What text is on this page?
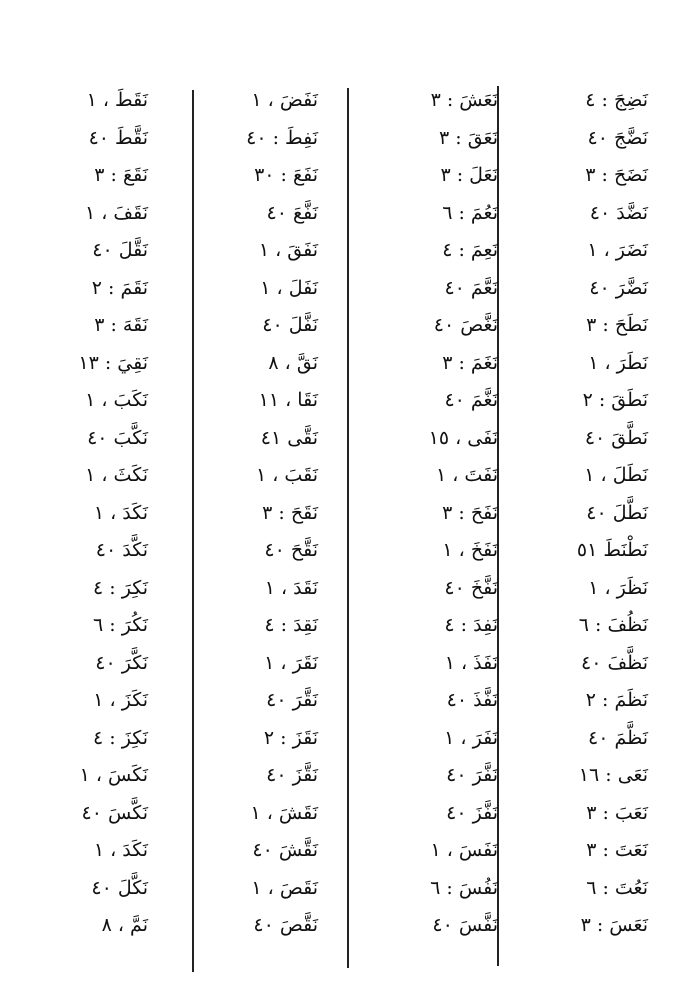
نَضِجَ : ٤
نَضَّجَ ٤٠
نَضَحَ : ٣
نَضَّدَ ٤٠
نَضَرَ ، ١
نَضَّرَ ٤٠
نَطَحَ : ٣
نَطَرَ ، ١
نَطَقَ : ٢
نَطَّقَ ٤٠
نَطَلَ ، ١
نَطَّلَ ٤٠
نَطْنَطَ ٥١
نَظَرَ ، ١
نَظُفَ : ٦
نَظَّفَ ٤٠
نَظَمَ : ٢
نَظَّمَ ٤٠
نَعَى : ١٦
نَعَبَ : ٣
نَعَتَ : ٣
نَعُتَ : ٦
نَعَسَ : ٣
نَعَشَ : ٣
نَعَقَ : ٣
نَعَلَ : ٣
نَعُمَ : ٦
نَعِمَ : ٤
نَعَّمَ ٤٠
نَغَّصَ ٤٠
نَغَمَ : ٣
نَغَّمَ ٤٠
نَفَى ، ١٥
نَفَتَ ، ١
نَفَحَ : ٣
نَفَخَ ، ١
نَفَّخَ ٤٠
نَفِدَ : ٤
نَفَذَ ، ١
نَفَّذَ ٤٠
نَفَرَ ، ١
نَفَّرَ ٤٠
نَفَّزَ ٤٠
نَفَسَ ، ١
نَفُسَ : ٦
نَفَّسَ ٤٠
نَفَضَ ، ١
نَفِطَ : ٤٠
نَفَعَ : ٣٠
نَفَّعَ ٤٠
نَفَقَ ، ١
نَفَلَ ، ١
نَفَّلَ ٤٠
نَقَّ ، ٨
نَقَا ، ١١
نَقَّى ٤١
نَقَبَ ، ١
نَقَحَ : ٣
نَقَّحَ ٤٠
نَقَدَ ، ١
نَقِدَ : ٤
نَقَرَ ، ١
نَقَّرَ ٤٠
نَقَزَ : ٢
نَقَّزَ ٤٠
نَقَشَ ، ١
نَقَّشَ ٤٠
نَقَصَ ، ١
نَقَّصَ ٤٠
نَقَطَ ، ١
نَقَّطَ ٤٠
نَقَعَ : ٣
نَقَفَ ، ١
نَقَّلَ ٤٠
نَقَمَ : ٢
نَقَهَ : ٣
نَقِيَ : ١٣
نَكَبَ ، ١
نَكَّبَ ٤٠
نَكَثَ ، ١
نَكَدَ ، ١
نَكَّدَ ٤٠
نَكِرَ : ٤
نَكُرَ : ٦
نَكَّرَ ٤٠
نَكَزَ ، ١
نَكِزَ : ٤
نَكَسَ ، ١
نَكَّسَ ٤٠
نَكَدَ ، ١
نَكَّلَ ٤٠
نَمَّ ، ٨
